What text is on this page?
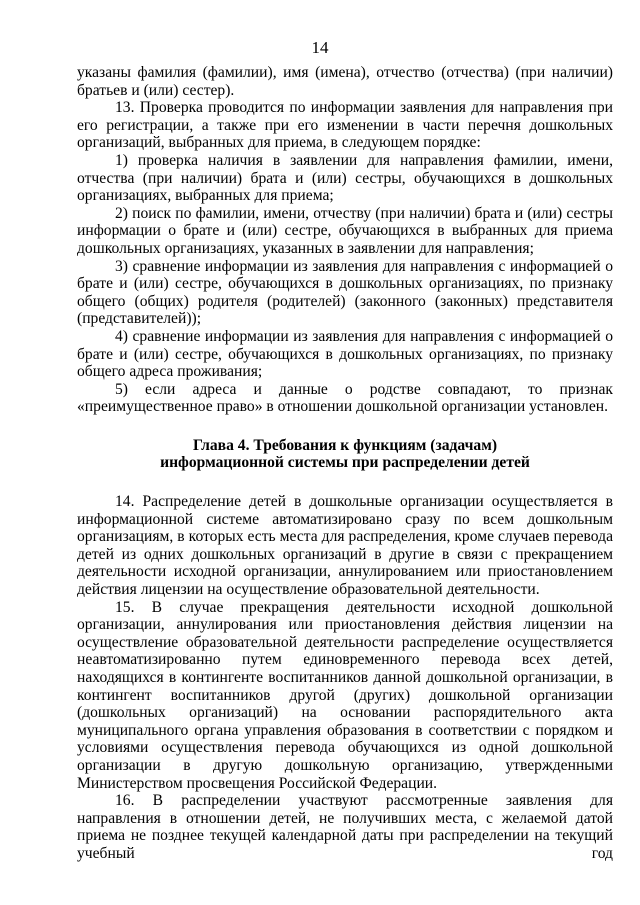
14

указаны фамилия (фамилии), имя (имена), отчество (отчества) (при наличии) братьев и (или) сестер).

13. Проверка проводится по информации заявления для направления при его регистрации, а также при его изменении в части перечня дошкольных организаций, выбранных для приема, в следующем порядке:

1) проверка наличия в заявлении для направления фамилии, имени, отчества (при наличии) брата и (или) сестры, обучающихся в дошкольных организациях, выбранных для приема;

2) поиск по фамилии, имени, отчеству (при наличии) брата и (или) сестры информации о брате и (или) сестре, обучающихся в выбранных для приема дошкольных организациях, указанных в заявлении для направления;

3) сравнение информации из заявления для направления с информацией о брате и (или) сестре, обучающихся в дошкольных организациях, по признаку общего (общих) родителя (родителей) (законного (законных) представителя (представителей));

4) сравнение информации из заявления для направления с информацией о брате и (или) сестре, обучающихся в дошкольных организациях, по признаку общего адреса проживания;

5) если адреса и данные о родстве совпадают, то признак «преимущественное право» в отношении дошкольной организации установлен.

Глава 4. Требования к функциям (задачам)
информационной системы при распределении детей

14. Распределение детей в дошкольные организации осуществляется в информационной системе автоматизировано сразу по всем дошкольным организациям, в которых есть места для распределения, кроме случаев перевода детей из одних дошкольных организаций в другие в связи с прекращением деятельности исходной организации, аннулированием или приостановлением действия лицензии на осуществление образовательной деятельности.

15. В случае прекращения деятельности исходной дошкольной организации, аннулирования или приостановления действия лицензии на осуществление образовательной деятельности распределение осуществляется неавтоматизированно путем единовременного перевода всех детей, находящихся в контингенте воспитанников данной дошкольной организации, в контингент воспитанников другой (других) дошкольной организации (дошкольных организаций) на основании распорядительного акта муниципального органа управления образования в соответствии с порядком и условиями осуществления перевода обучающихся из одной дошкольной организации в другую дошкольную организацию, утвержденными Министерством просвещения Российской Федерации.

16. В распределении участвуют рассмотренные заявления для направления в отношении детей, не получивших места, с желаемой датой приема не позднее текущей календарной даты при распределении на текущий учебный год
